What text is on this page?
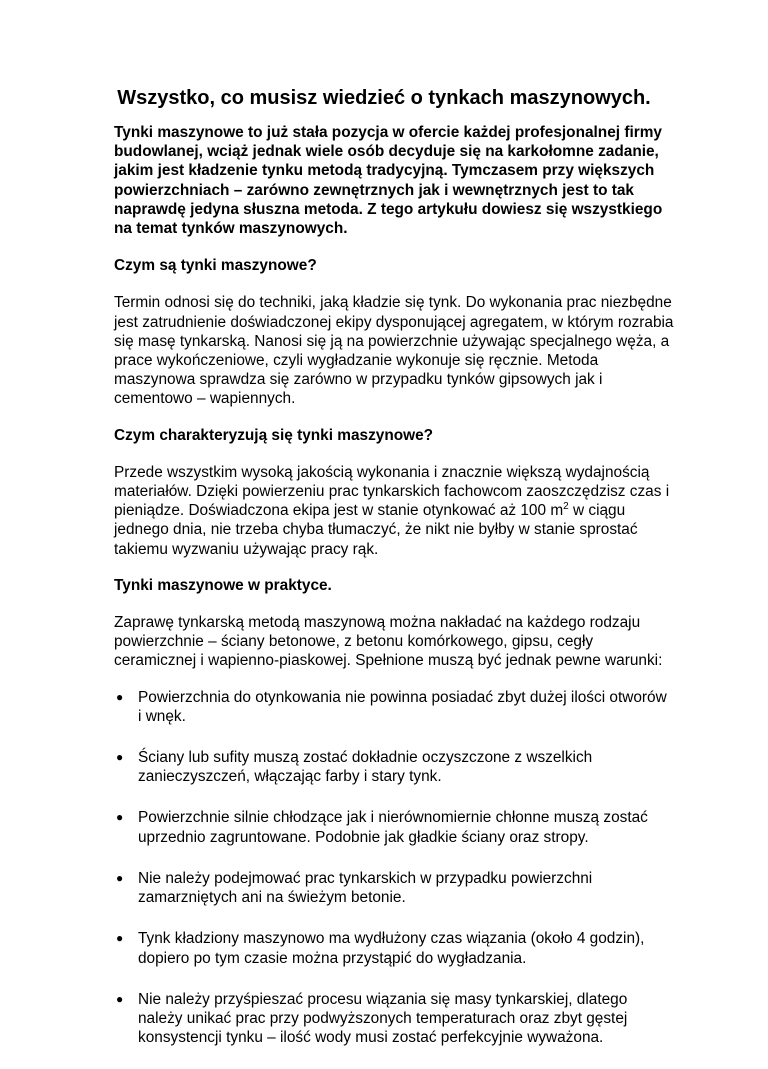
Wszystko, co musisz wiedzieć o tynkach maszynowych.

Tynki maszynowe to już stała pozycja w ofercie każdej profesjonalnej firmy budowlanej, wciąż jednak wiele osób decyduje się na karkołomne zadanie, jakim jest kładzenie tynku metodą tradycyjną. Tymczasem przy większych powierzchniach – zarówno zewnętrznych jak i wewnętrznych jest to tak naprawdę jedyna słuszna metoda. Z tego artykułu dowiesz się wszystkiego na temat tynków maszynowych.

Czym są tynki maszynowe?

Termin odnosi się do techniki, jaką kładzie się tynk. Do wykonania prac niezbędne jest zatrudnienie doświadczonej ekipy dysponującej agregatem, w którym rozrabia się masę tynkarską. Nanosi się ją na powierzchnie używając specjalnego węża, a prace wykończeniowe, czyli wygładzanie wykonuje się ręcznie. Metoda maszynowa sprawdza się zarówno w przypadku tynków gipsowych jak i cementowo – wapiennych.

Czym charakteryzują się tynki maszynowe?

Przede wszystkim wysoką jakością wykonania i znacznie większą wydajnością materiałów. Dzięki powierzeniu prac tynkarskich fachowcom zaoszczędzisz czas i pieniądze. Doświadczona ekipa jest w stanie otynkować aż 100 $m^2$ w ciągu jednego dnia, nie trzeba chyba tłumaczyć, że nikt nie byłby w stanie sprostać takiemu wyzwaniu używając pracy rąk.

Tynki maszynowe w praktyce.

Zaprawę tynkarską metodą maszynową można nakładać na każdego rodzaju powierzchnie – ściany betonowe, z betonu komórkowego, gipsu, cegły ceramicznej i wapienno-piaskowej. Spełnione muszą być jednak pewne warunki:

● Powierzchnia do otynkowania nie powinna posiadać zbyt dużej ilości otworów i wnęk.
● Ściany lub sufity muszą zostać dokładnie oczyszczone z wszelkich zanieczyszczeń, włączając farby i stary tynk.
● Powierzchnie silnie chłodzące jak i nierównomiernie chłonne muszą zostać uprzednio zagruntowane. Podobnie jak gładkie ściany oraz stropy.
● Nie należy podejmować prac tynkarskich w przypadku powierzchni zamarzniętych ani na świeżym betonie.
● Tynk kładziony maszynowo ma wydłużony czas wiązania (około 4 godzin), dopiero po tym czasie można przystąpić do wygładzania.
● Nie należy przyśpieszać procesu wiązania się masy tynkarskiej, dlatego należy unikać prac przy podwyższonych temperaturach oraz zbyt gęstej konsystencji tynku – ilość wody musi zostać perfekcyjnie wyważona.
